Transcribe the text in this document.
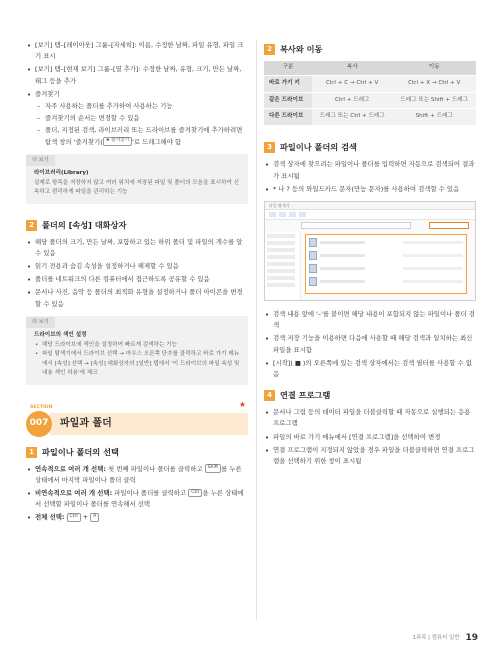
• [보기] 탭–[레이아웃] 그룹–[자세히]: 이름, 수정한 날짜, 파일 유형, 파일 크기 표시
• [보기] 탭–[현재 보기] 그룹–[열 추가]: 수정한 날짜, 유형, 크기, 만든 날짜, 태그 등을 추가
• 즐겨찾기
– 자주 사용하는 폴더를 추가하여 사용하는 기능
– 즐겨찾기의 순서는 변경할 수 있음
– 폴더, 지정된 검색, 라이브러리 또는 드라이브를 즐겨찾기에 추가하려면 탐색 창의 '즐겨찾기( ★ 즐겨찾기 '로 드래그해야 함
더 보기
라이브러리(Library)
실제로 항목을 저장하지 않고 여러 위치에 저장된 파일 및 폴더의 모음을 표시하여 신속하고 편리하게 파일을 관리하는 기능
2 폴더의 [속성] 대화상자
• 해당 폴더의 크기, 만든 날짜, 포함하고 있는 하위 폴더 및 파일의 개수를 알 수 있음
• 읽기 전용과 숨김 속성을 설정하거나 해제할 수 있음
• 폴더를 네트워크의 다른 컴퓨터에서 접근하도록 공유할 수 있음
• 문서나 사진, 음악 등 폴더의 최적화 유형을 설정하거나 폴더 아이콘을 변경할 수 있음
더 보기
드라이브의 색인 설정
• 해당 드라이브에 색인을 설정하여 빠르게 검색하는 기능
• 파일 탐색기에서 드라이브 선택 → 마우스 오른쪽 단추를 클릭하고 바로 가기 메뉴에서 [속성] 선택 → [속성] 대화상자의 [일반] 탭에서 '이 드라이브의 파일 속성 및 내용 색인 허용'에 체크
SECTION
007	파일과 폴더
★
1 파일이나 폴더의 선택
• 연속적으로 여러 개 선택: 첫 번째 파일이나 폴더를 클릭하고 Shift 를 누른 상태에서 마지막 파일이나 폴더 클릭
• 비연속적으로 여러 개 선택: 파일이나 폴더를 클릭하고 Ctrl 을 누른 상태에서 선택할 파일이나 폴더를 연속해서 선택
• 전체 선택: Ctrl + A
2 복사와 이동
구분	복사	이동
바로 가기 키	Ctrl + C → Ctrl + V	Ctrl + X → Ctrl + V
같은 드라이브	Ctrl + 드래그	드래그 또는 Shift + 드래그
다른 드라이브	드래그 또는 Ctrl + 드래그	Shift + 드래그
3 파일이나 폴더의 검색
• 검색 상자에 찾으려는 파일이나 폴더를 입력하면 자동으로 검색되어 결과가 표시됨
• * 나 ? 등의 와일드카드 문자(만능 문자)를 사용하여 검색할 수 있음
파일 탐색기
• 검색 내용 앞에 '–'를 붙이면 해당 내용이 포함되지 않는 파일이나 폴더 검색
• 검색 저장 기능을 이용하면 다음에 사용할 때 해당 검색과 일치하는 최신 파일을 표시함
• [시작]( ■ )의 오른쪽에 있는 검색 상자에서는 검색 필터를 사용할 수 없음
4 연결 프로그램
• 문서나 그림 등의 데이터 파일을 더블클릭할 때 자동으로 실행되는 응용 프로그램
• 파일의 바로 가기 메뉴에서 [연결 프로그램]을 선택하여 변경
• 연결 프로그램이 지정되지 않았을 경우 파일을 더블클릭하면 연결 프로그램을 선택하기 위한 창이 표시됨
1과목 | 컴퓨터 일반 19
